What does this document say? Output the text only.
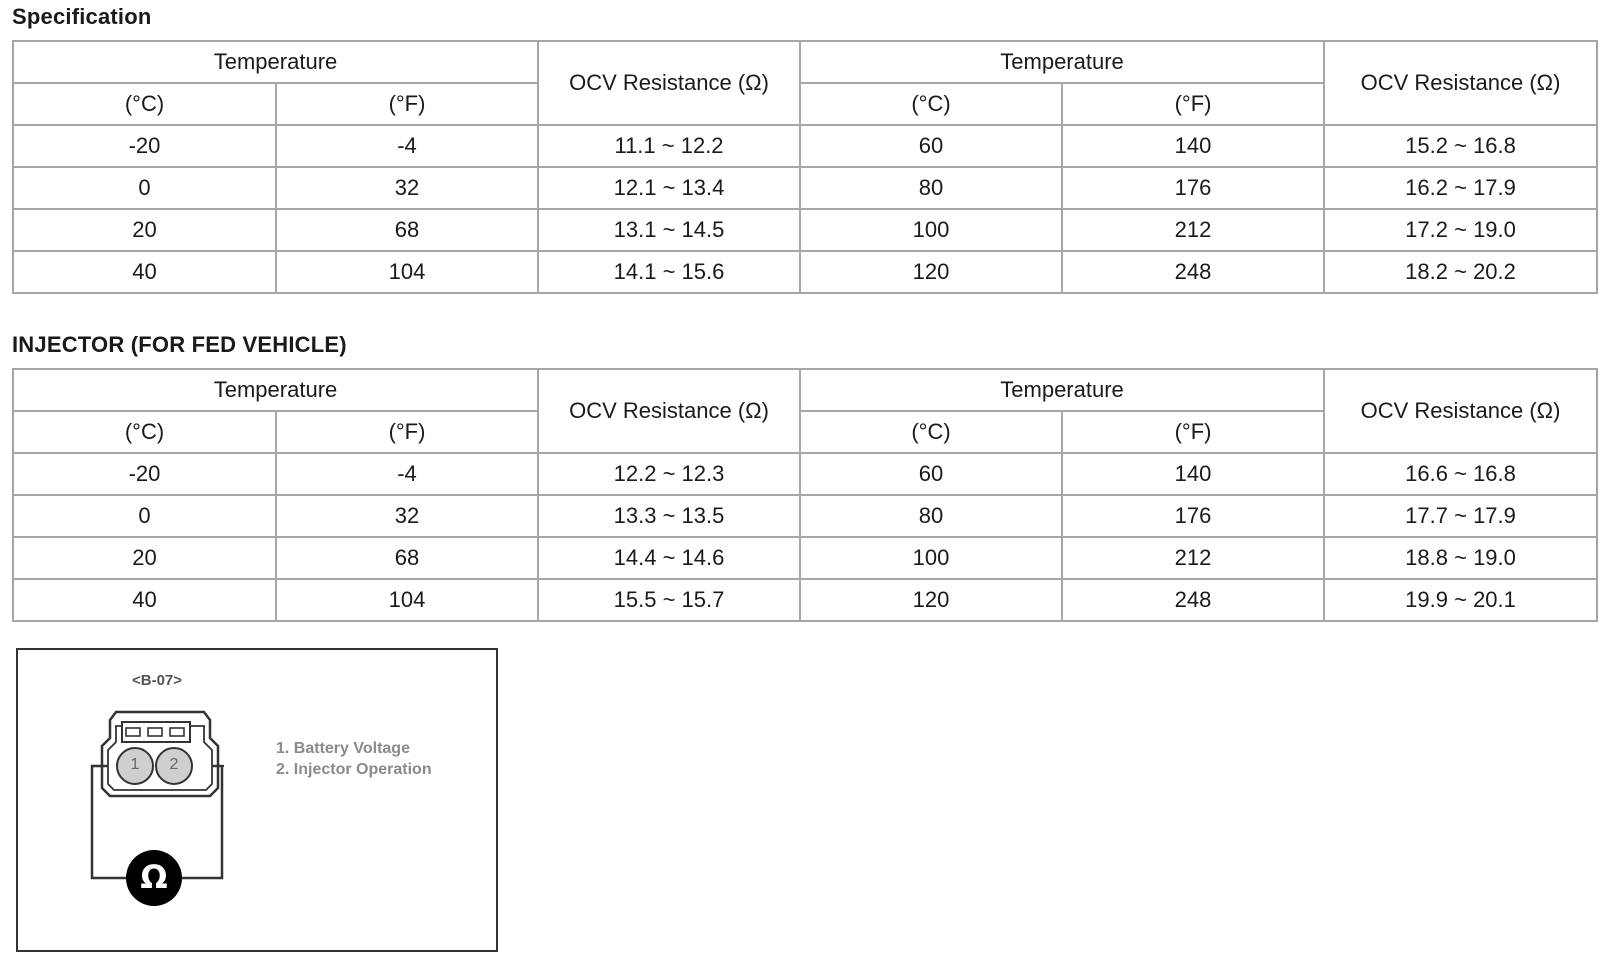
Specification
Temperature		OCV Resistance (Ω)	Temperature		OCV Resistance (Ω)
(°C)	(°F)		(°C)	(°F)	
-20	-4	11.1 ~ 12.2	60	140	15.2 ~ 16.8
0	32	12.1 ~ 13.4	80	176	16.2 ~ 17.9
20	68	13.1 ~ 14.5	100	212	17.2 ~ 19.0
40	104	14.1 ~ 15.6	120	248	18.2 ~ 20.2
INJECTOR (FOR FED VEHICLE)
Temperature		OCV Resistance (Ω)	Temperature		OCV Resistance (Ω)
(°C)	(°F)		(°C)	(°F)	
-20	-4	12.2 ~ 12.3	60	140	16.6 ~ 16.8
0	32	13.3 ~ 13.5	80	176	17.7 ~ 17.9
20	68	14.4 ~ 14.6	100	212	18.8 ~ 19.0
40	104	15.5 ~ 15.7	120	248	19.9 ~ 20.1
<B-07>
1 2
Ω
1. Battery Voltage
2. Injector Operation
